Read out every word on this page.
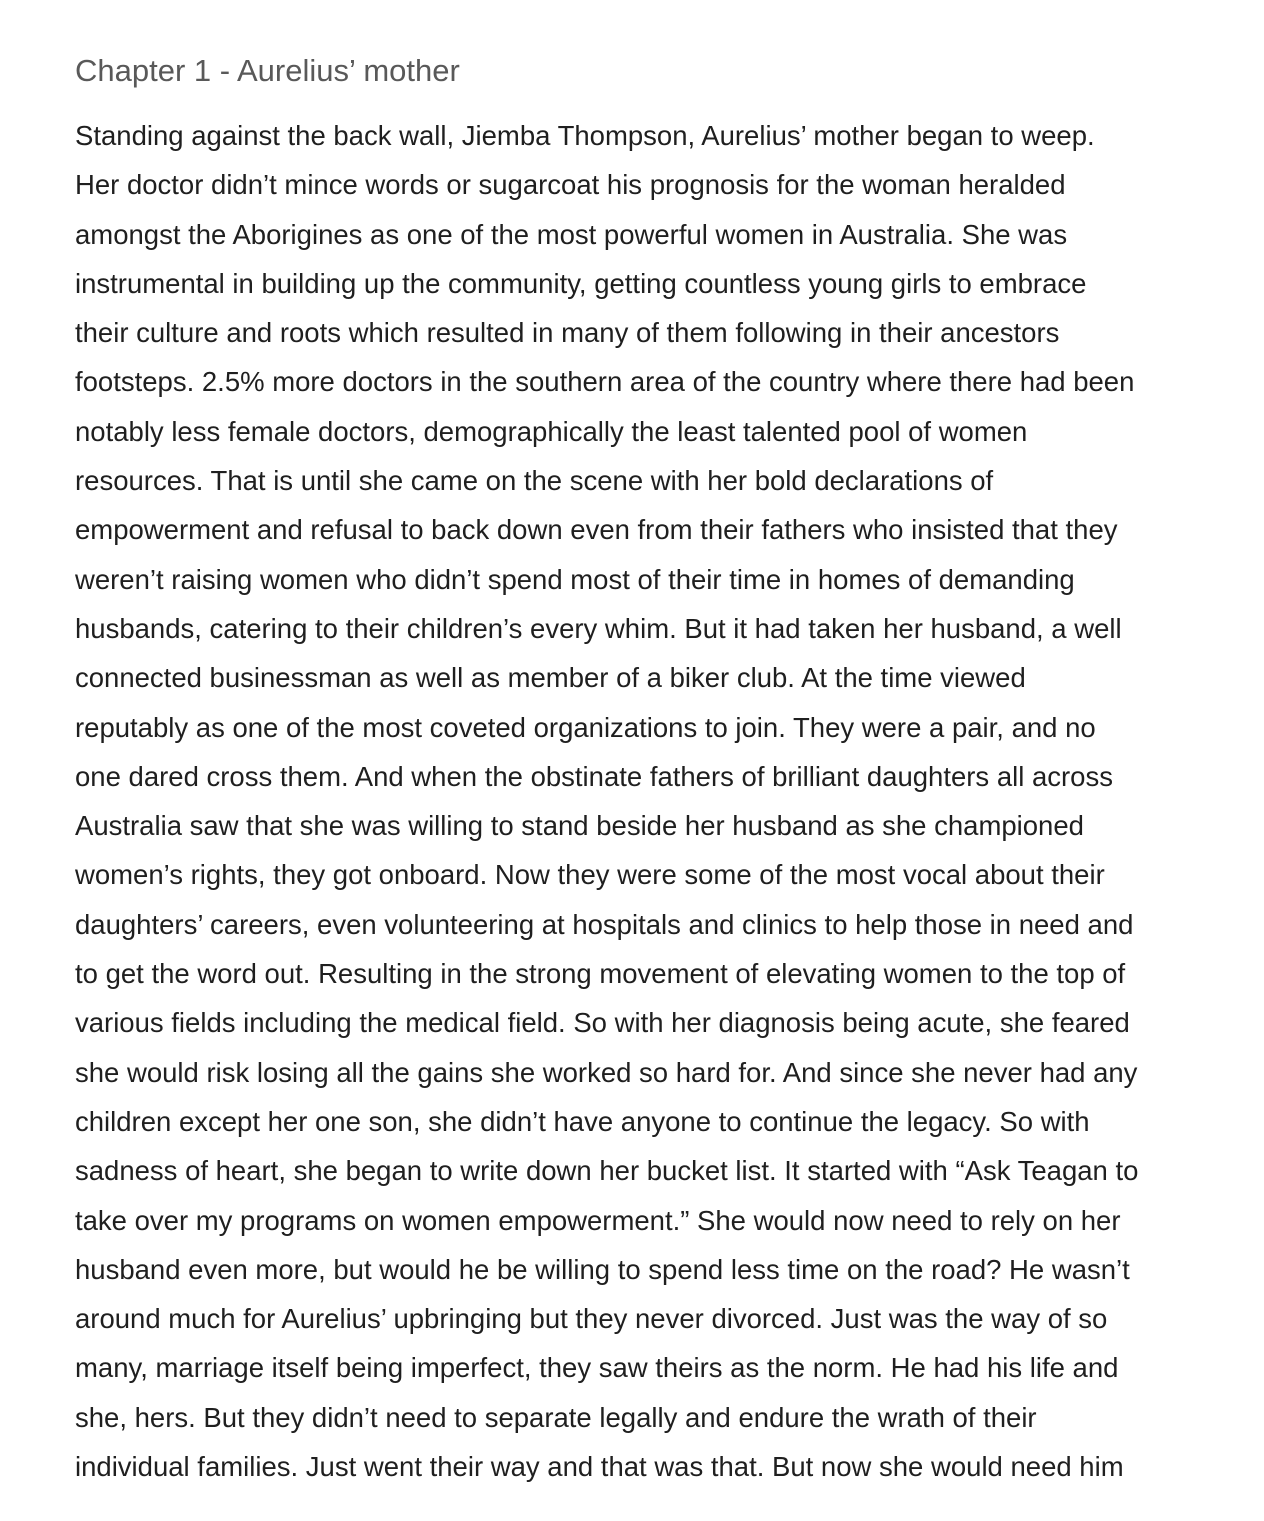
Chapter 1 - Aurelius’ mother
Standing against the back wall, Jiemba Thompson, Aurelius’ mother began to weep.
Her doctor didn’t mince words or sugarcoat his prognosis for the woman heralded
amongst the Aborigines as one of the most powerful women in Australia. She was
instrumental in building up the community, getting countless young girls to embrace
their culture and roots which resulted in many of them following in their ancestors
footsteps. 2.5% more doctors in the southern area of the country where there had been
notably less female doctors, demographically the least talented pool of women
resources. That is until she came on the scene with her bold declarations of
empowerment and refusal to back down even from their fathers who insisted that they
weren’t raising women who didn’t spend most of their time in homes of demanding
husbands, catering to their children’s every whim. But it had taken her husband, a well
connected businessman as well as member of a biker club. At the time viewed
reputably as one of the most coveted organizations to join. They were a pair, and no
one dared cross them. And when the obstinate fathers of brilliant daughters all across
Australia saw that she was willing to stand beside her husband as she championed
women’s rights, they got onboard. Now they were some of the most vocal about their
daughters’ careers, even volunteering at hospitals and clinics to help those in need and
to get the word out. Resulting in the strong movement of elevating women to the top of
various fields including the medical field. So with her diagnosis being acute, she feared
she would risk losing all the gains she worked so hard for. And since she never had any
children except her one son, she didn’t have anyone to continue the legacy. So with
sadness of heart, she began to write down her bucket list. It started with “Ask Teagan to
take over my programs on women empowerment.” She would now need to rely on her
husband even more, but would he be willing to spend less time on the road? He wasn’t
around much for Aurelius’ upbringing but they never divorced. Just was the way of so
many, marriage itself being imperfect, they saw theirs as the norm. He had his life and
she, hers. But they didn’t need to separate legally and endure the wrath of their
individual families. Just went their way and that was that. But now she would need him
